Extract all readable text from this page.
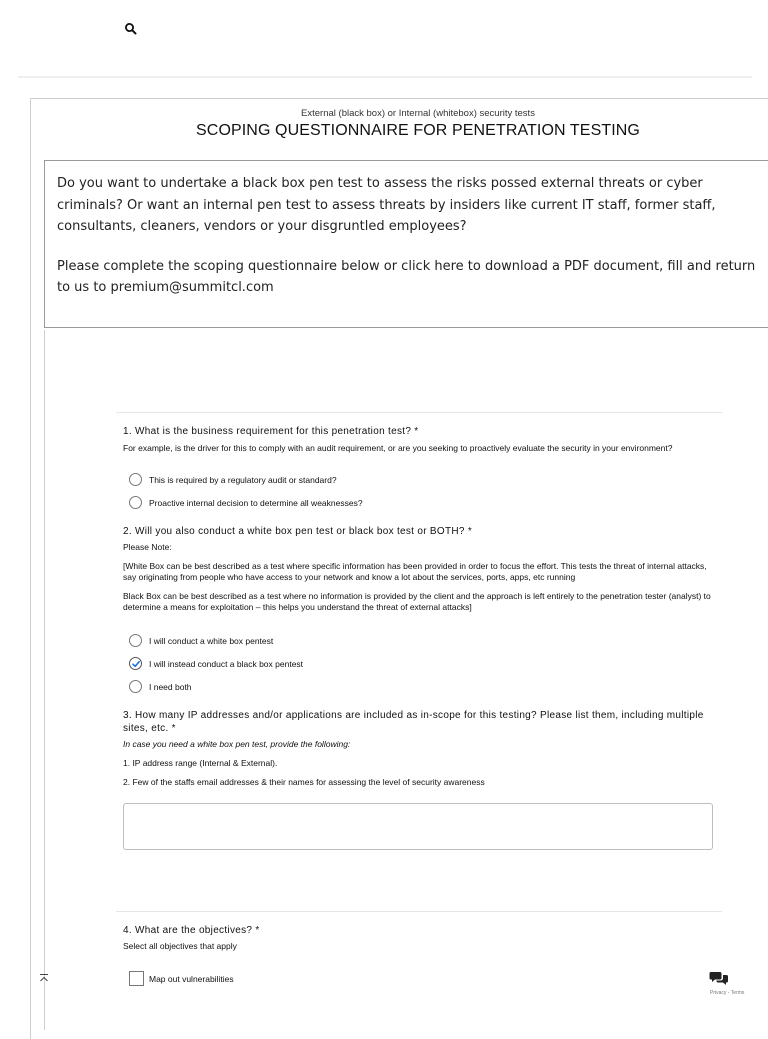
External (black box) or Internal (whitebox) security tests
SCOPING QUESTIONNAIRE FOR PENETRATION TESTING

Do you want to undertake a black box pen test to assess the risks possed external threats or cyber criminals? Or want an internal pen test to assess threats by insiders like current IT staff, former staff, consultants, cleaners, vendors or your disgruntled employees?

Please complete the scoping questionnaire below or click here to download a PDF document, fill and return to us to premium@summitcl.com

1. What is the business requirement for this penetration test? *
For example, is the driver for this to comply with an audit requirement, or are you seeking to proactively evaluate the security in your environment?
This is required by a regulatory audit or standard?
Proactive internal decision to determine all weaknesses?
2. Will you also conduct a white box pen test or black box test or BOTH? *
Please Note:
[White Box can be best described as a test where specific information has been provided in order to focus the effort. This tests the threat of internal attacks, say originating from people who have access to your network and know a lot about the services, ports, apps, etc running
Black Box can be best described as a test where no information is provided by the client and the approach is left entirely to the penetration tester (analyst) to determine a means for exploitation – this helps you understand the threat of external attacks]
I will conduct a white box pentest
I will instead conduct a black box pentest
I need both
3. How many IP addresses and/or applications are included as in-scope for this testing? Please list them, including multiple sites, etc. *
In case you need a white box pen test, provide the following:
1. IP address range (Internal & External).
2. Few of the staffs email addresses & their names for assessing the level of security awareness
4. What are the objectives? *
Select all objectives that apply
Map out vulnerabilities
Privacy - Terms
